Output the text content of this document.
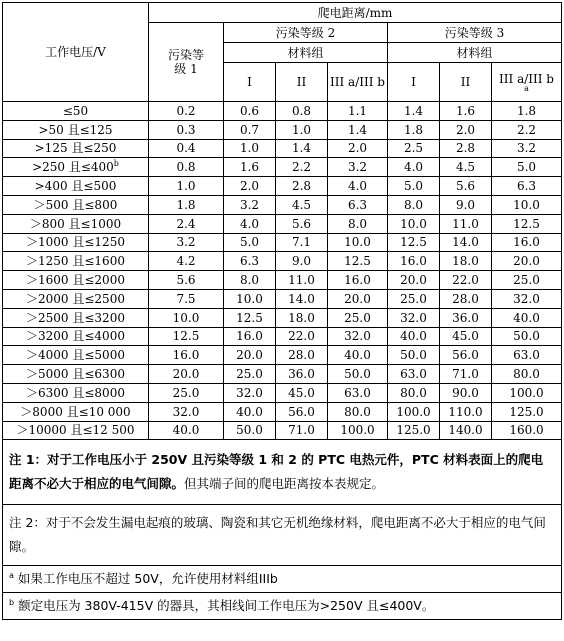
工作电压/V	爬电距离/mm						
	污染等
级 1	污染等级 2			污染等级 3		
		材料组			材料组		
		I	II	III a/III b	I	II	III a/III b
a

≤50	0.2	0.6	0.8	1.1	1.4	1.6	1.8
>50 且≤125	0.3	0.7	1.0	1.4	1.8	2.0	2.2
>125 且≤250	0.4	1.0	1.4	2.0	2.5	2.8	3.2
>250 且$\le 400^b$	0.8	1.6	2.2	3.2	4.0	4.5	5.0
>400 且≤500	1.0	2.0	2.8	4.0	5.0	5.6	6.3
＞500 且≤800	1.8	3.2	4.5	6.3	8.0	9.0	10.0
＞800 且≤1000	2.4	4.0	5.6	8.0	10.0	11.0	12.5
＞1000 且≤1250	3.2	5.0	7.1	10.0	12.5	14.0	16.0
＞1250 且≤1600	4.2	6.3	9.0	12.5	16.0	18.0	20.0
＞1600 且≤2000	5.6	8.0	11.0	16.0	20.0	22.0	25.0
＞2000 且≤2500	7.5	10.0	14.0	20.0	25.0	28.0	32.0
＞2500 且≤3200	10.0	12.5	18.0	25.0	32.0	36.0	40.0
＞3200 且≤4000	12.5	16.0	22.0	32.0	40.0	45.0	50.0
＞4000 且≤5000	16.0	20.0	28.0	40.0	50.0	56.0	63.0
＞5000 且≤6300	20.0	25.0	36.0	50.0	63.0	71.0	80.0
＞6300 且≤8000	25.0	32.0	45.0	63.0	80.0	90.0	100.0
＞8000 且≤10 000	32.0	40.0	56.0	80.0	100.0	110.0	125.0
＞10000 且≤12 500	40.0	50.0	71.0	100.0	125.0	140.0	160.0
注 1：对于工作电压小于 250V 且污染等级 1 和 2 的 PTC 电热元件，PTC 材料表面上的爬电距离不必大于相应的电气间隙。但其端子间的爬电距离按本表规定。							
注 2：对于不会发生漏电起痕的玻璃、陶瓷和其它无机绝缘材料，爬电距离不必大于相应的电气间隙。							
$^a$ 如果工作电压不超过 50V，允许使用材料组IIIb							
$^b$ 额定电压为 380V-415V 的器具，其相线间工作电压为>250V 且≤400V。							
